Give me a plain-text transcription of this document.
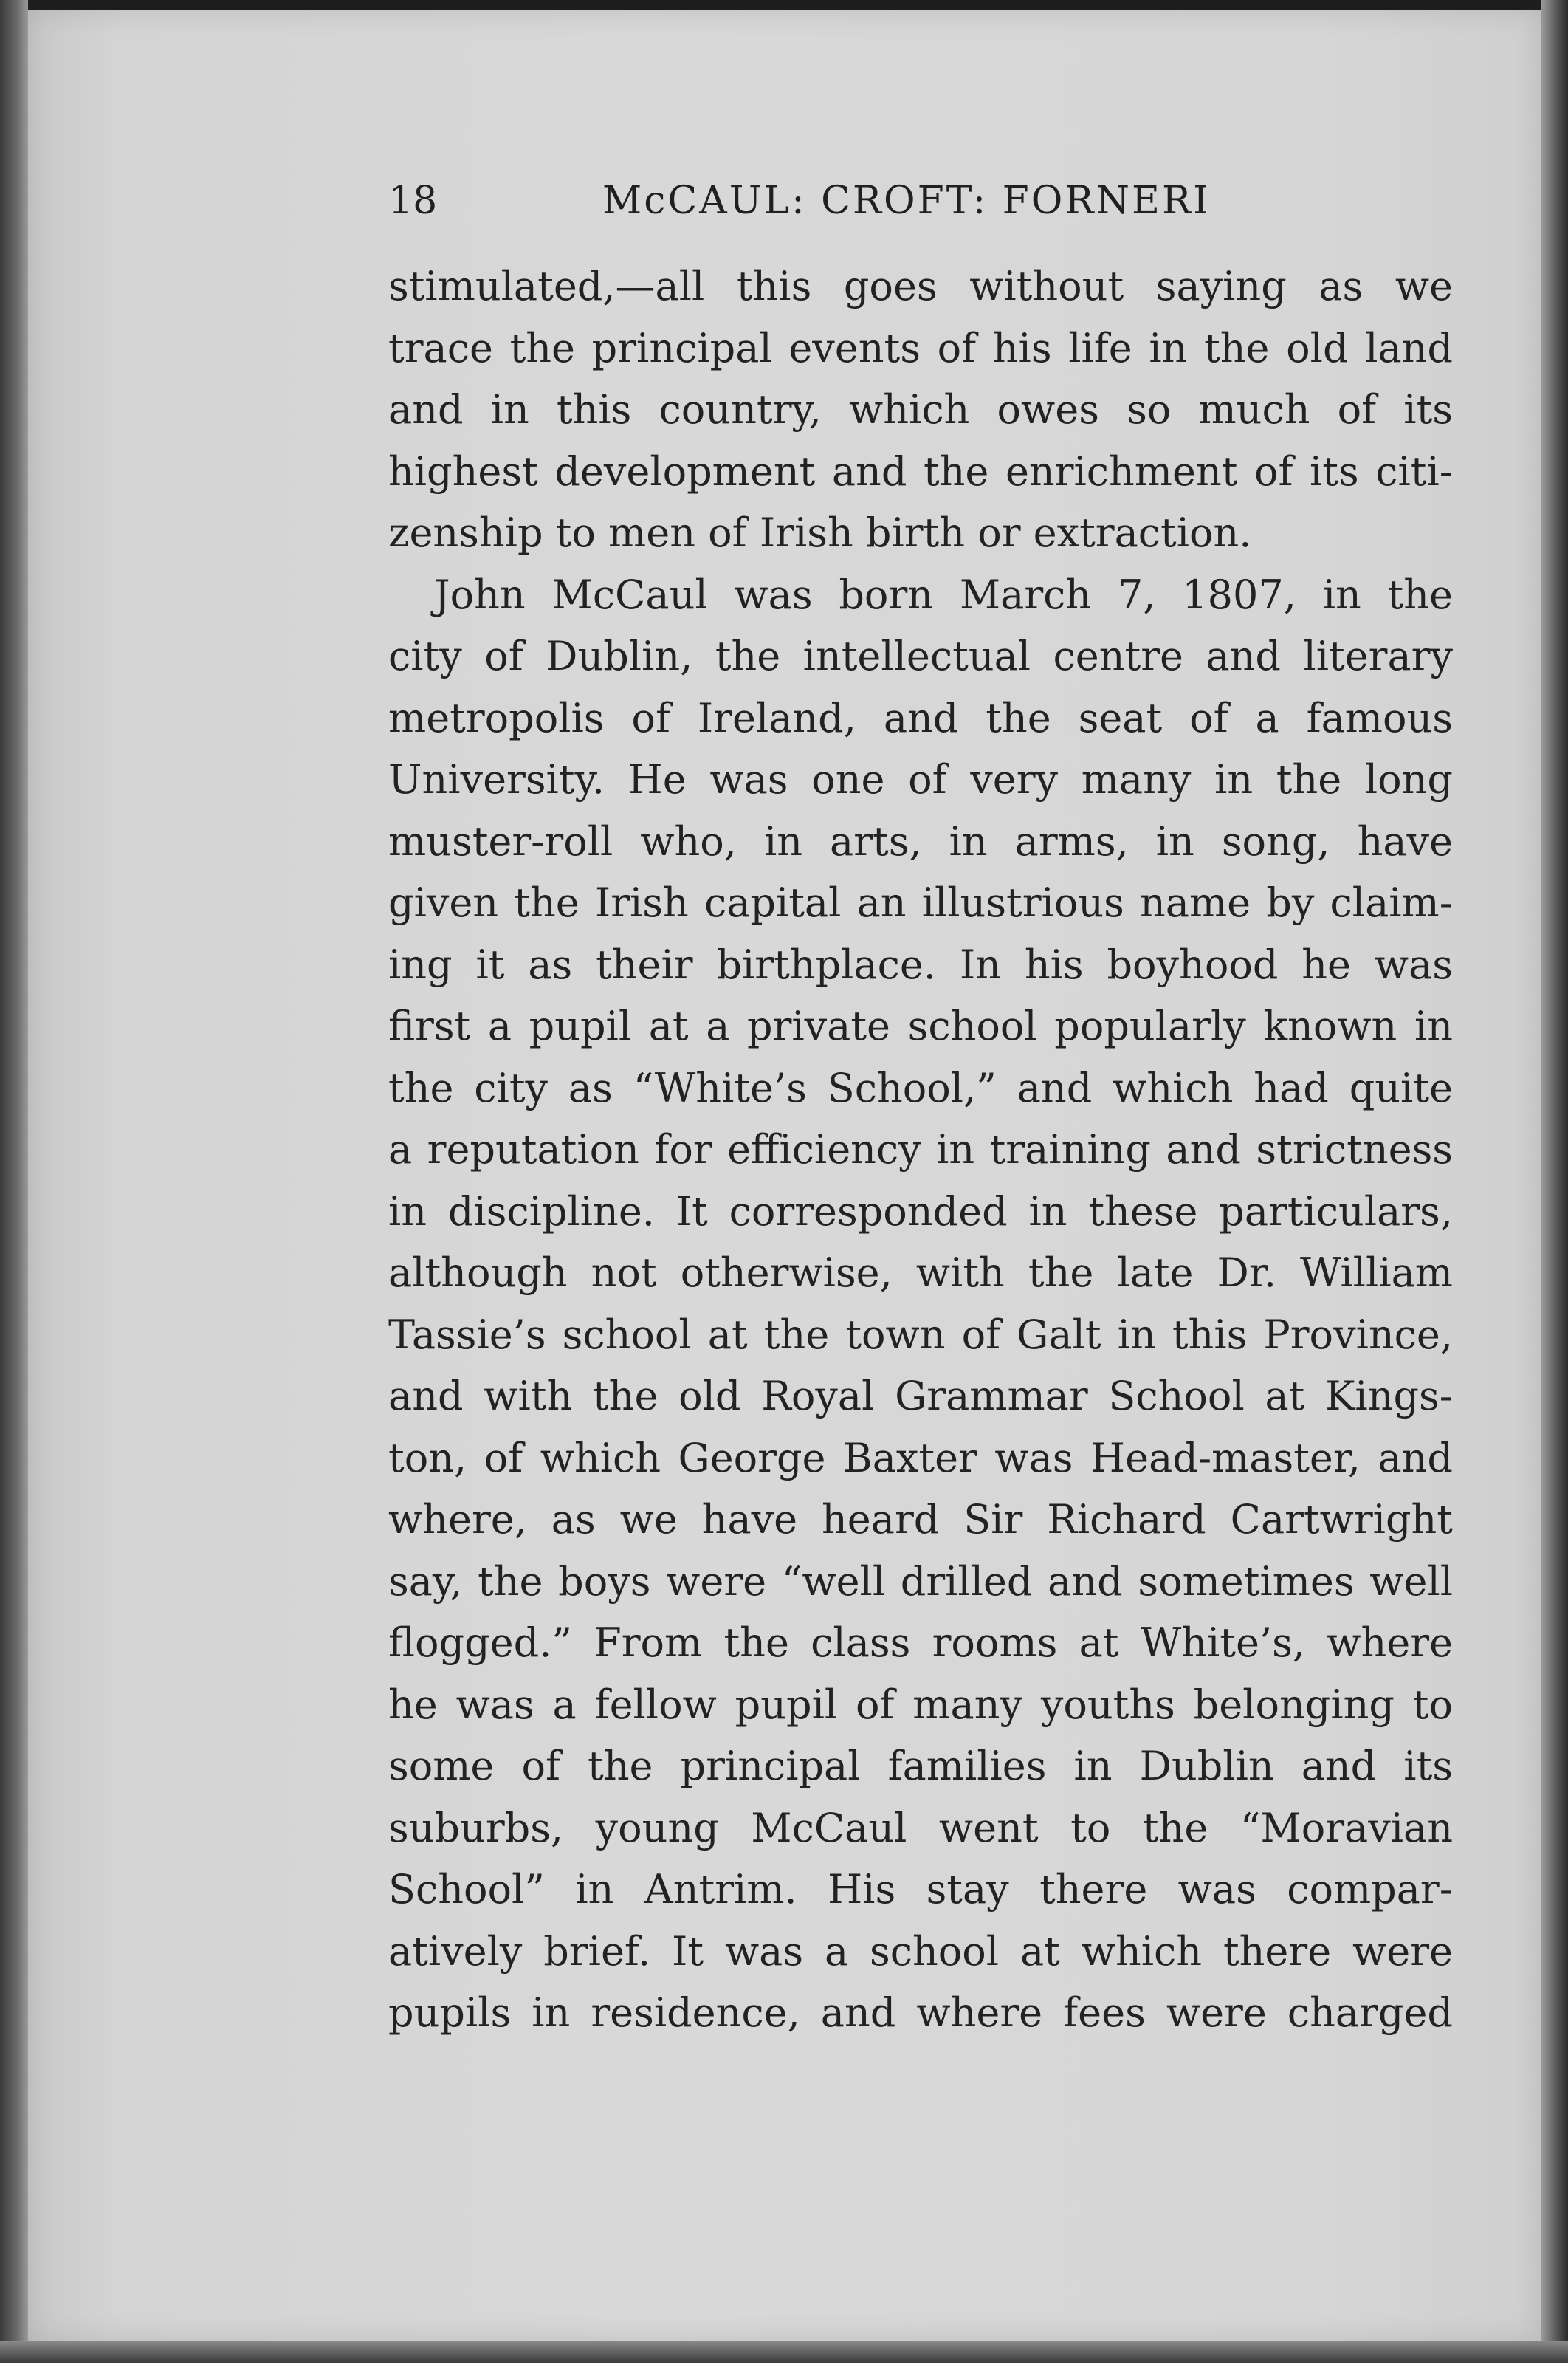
18	McCAUL: CROFT: FORNERI
stimulated,—all this goes without saying as we
trace the principal events of his life in the old land
and in this country, which owes so much of its
highest development and the enrichment of its citi-
zenship to men of Irish birth or extraction.
John McCaul was born March 7, 1807, in the
city of Dublin, the intellectual centre and literary
metropolis of Ireland, and the seat of a famous
University. He was one of very many in the long
muster-roll who, in arts, in arms, in song, have
given the Irish capital an illustrious name by claim-
ing it as their birthplace. In his boyhood he was
first a pupil at a private school popularly known in
the city as “White’s School,” and which had quite
a reputation for efficiency in training and strictness
in discipline. It corresponded in these particulars,
although not otherwise, with the late Dr. William
Tassie’s school at the town of Galt in this Province,
and with the old Royal Grammar School at Kings-
ton, of which George Baxter was Head-master, and
where, as we have heard Sir Richard Cartwright
say, the boys were “well drilled and sometimes well
flogged.” From the class rooms at White’s, where
he was a fellow pupil of many youths belonging to
some of the principal families in Dublin and its
suburbs, young McCaul went to the “Moravian
School” in Antrim. His stay there was compar-
atively brief. It was a school at which there were
pupils in residence, and where fees were charged
